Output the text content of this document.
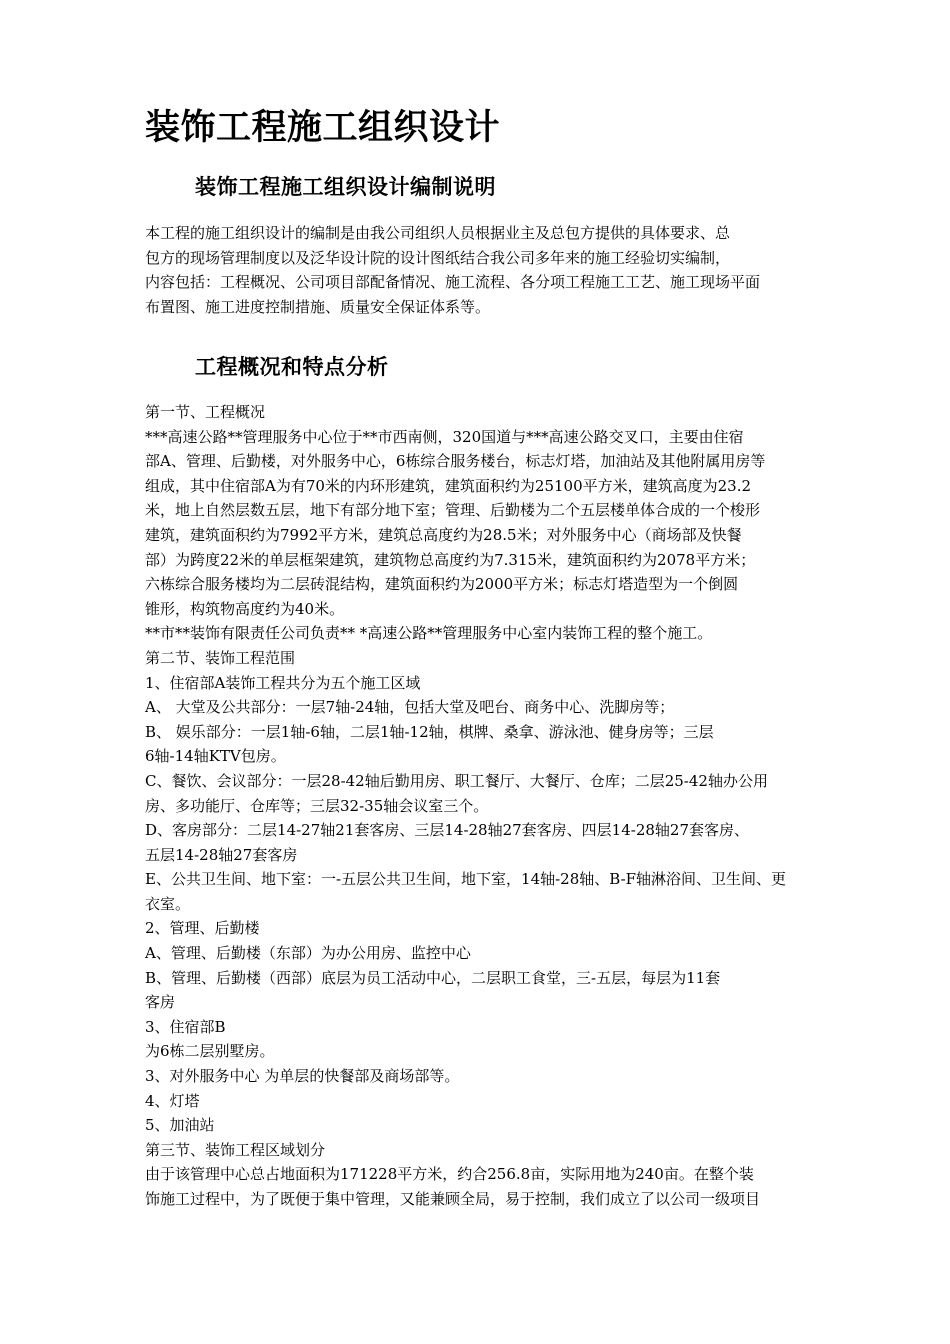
装饰工程施工组织设计
装饰工程施工组织设计编制说明
本工程的施工组织设计的编制是由我公司组织人员根据业主及总包方提供的具体要求、总
包方的现场管理制度以及泛华设计院的设计图纸结合我公司多年来的施工经验切实编制，
内容包括：工程概况、公司项目部配备情况、施工流程、各分项工程施工工艺、施工现场平面
布置图、施工进度控制措施、质量安全保证体系等。
工程概况和特点分析
第一节、工程概况
***高速公路**管理服务中心位于**市西南侧，320国道与***高速公路交叉口，主要由住宿
部A、管理、后勤楼，对外服务中心，6栋综合服务楼台，标志灯塔，加油站及其他附属用房等
组成，其中住宿部A为有70米的内环形建筑，建筑面积约为25100平方米，建筑高度为23.2
米，地上自然层数五层，地下有部分地下室；管理、后勤楼为二个五层楼单体合成的一个梭形
建筑，建筑面积约为7992平方米，建筑总高度约为28.5米；对外服务中心（商场部及快餐
部）为跨度22米的单层框架建筑，建筑物总高度约为7.315米，建筑面积约为2078平方米；
六栋综合服务楼均为二层砖混结构，建筑面积约为2000平方米；标志灯塔造型为一个倒圆
锥形，构筑物高度约为40米。
**市**装饰有限责任公司负责** *高速公路**管理服务中心室内装饰工程的整个施工。
第二节、装饰工程范围
1、住宿部A装饰工程共分为五个施工区域
A、 大堂及公共部分：一层7轴-24轴，包括大堂及吧台、商务中心、洗脚房等；
B、 娱乐部分：一层1轴-6轴，二层1轴-12轴，棋牌、桑拿、游泳池、健身房等；三层
6轴-14轴KTV包房。
C、餐饮、会议部分：一层28-42轴后勤用房、职工餐厅、大餐厅、仓库；二层25-42轴办公用
房、多功能厅、仓库等；三层32-35轴会议室三个。
D、客房部分：二层14-27轴21套客房、三层14-28轴27套客房、四层14-28轴27套客房、
五层14-28轴27套客房
E、公共卫生间、地下室：一-五层公共卫生间，地下室，14轴-28轴、B-F轴淋浴间、卫生间、更
衣室。
2、管理、后勤楼
A、管理、后勤楼（东部）为办公用房、监控中心
B、管理、后勤楼（西部）底层为员工活动中心，二层职工食堂，三-五层，每层为11套
客房
3、住宿部B
为6栋二层别墅房。
3、对外服务中心 为单层的快餐部及商场部等。
4、灯塔
5、加油站
第三节、装饰工程区域划分
由于该管理中心总占地面积为171228平方米，约合256.8亩，实际用地为240亩。在整个装
饰施工过程中，为了既便于集中管理，又能兼顾全局，易于控制，我们成立了以公司一级项目
